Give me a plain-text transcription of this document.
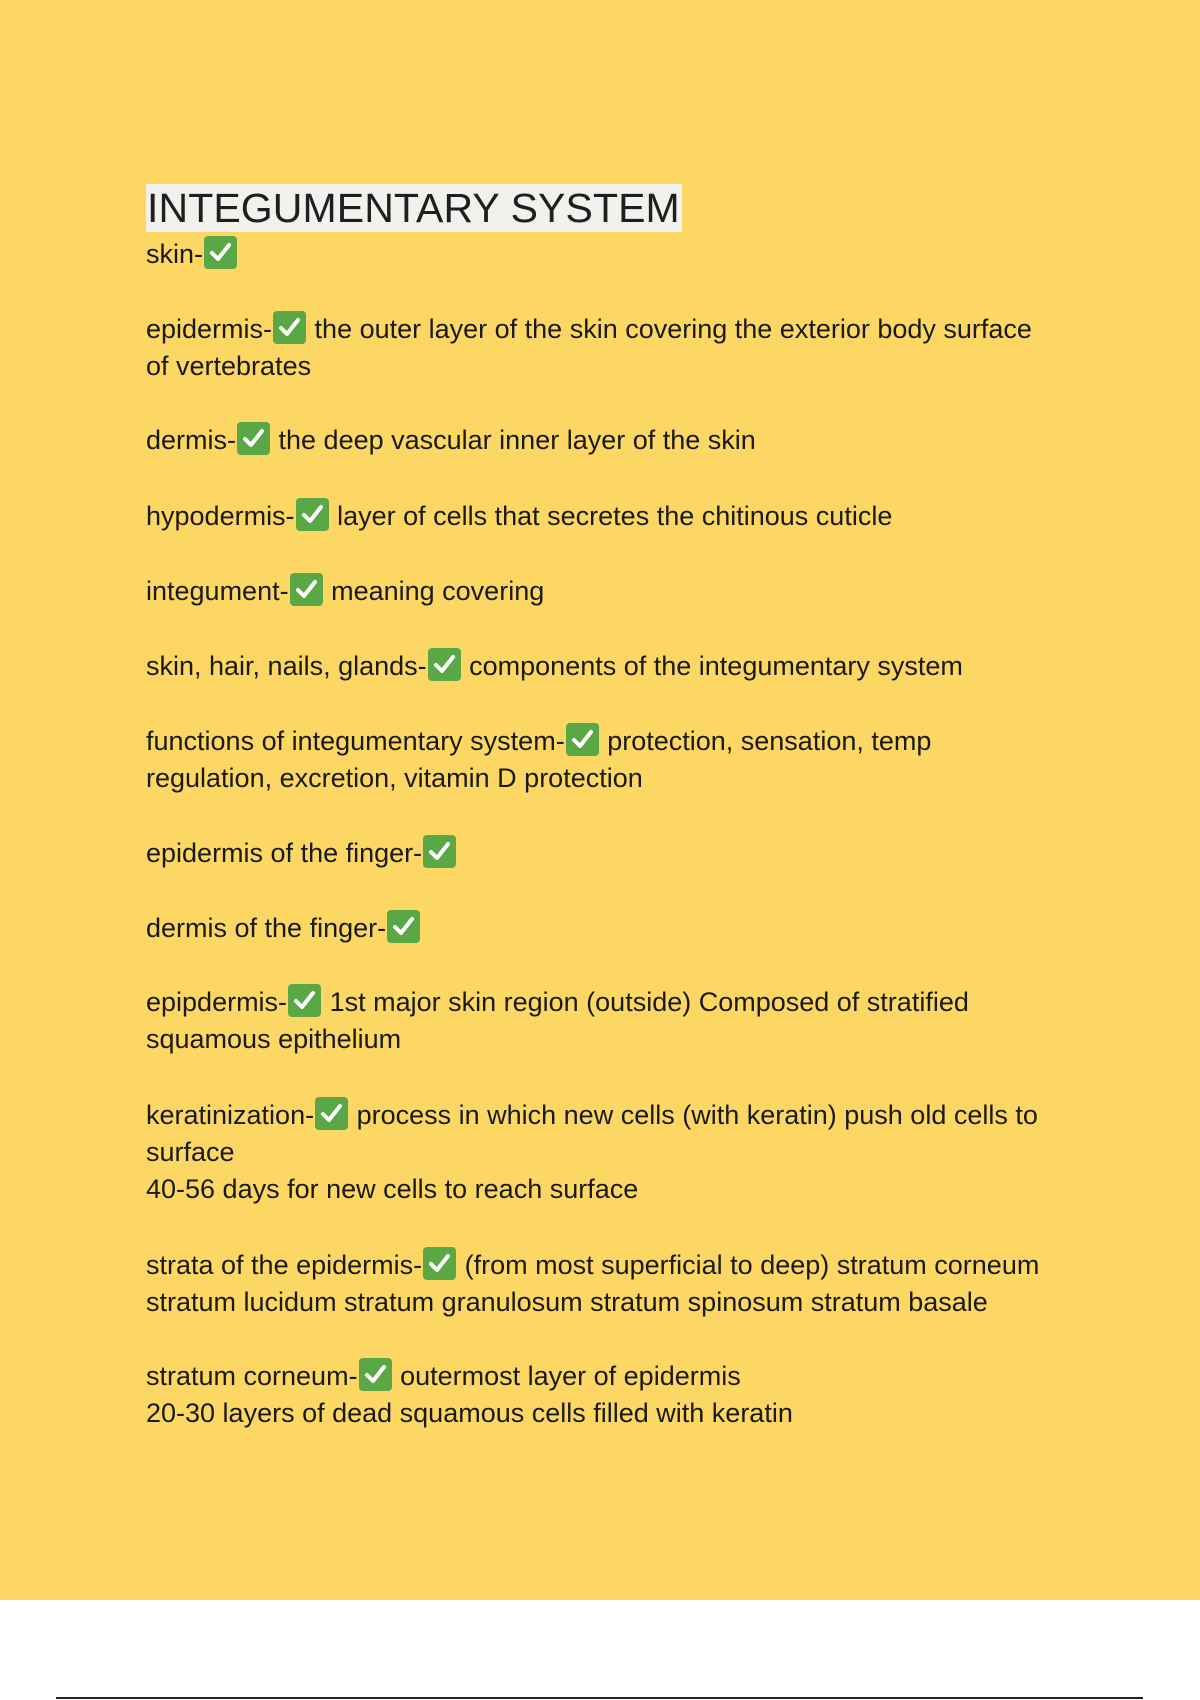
INTEGUMENTARY SYSTEM
skin-
epidermis-
the outer layer of the skin covering the exterior body surface
of vertebrates
dermis-
the deep vascular inner layer of the skin
hypodermis-
layer of cells that secretes the chitinous cuticle
integument-
meaning covering
skin, hair, nails, glands-
components of the integumentary system
functions of integumentary system-
protection, sensation, temp
regulation, excretion, vitamin D protection
epidermis of the finger-
dermis of the finger-
epipdermis-
1st major skin region (outside) Composed of stratified
squamous epithelium
keratinization-
process in which new cells (with keratin) push old cells to
surface
40-56 days for new cells to reach surface
strata of the epidermis-
(from most superficial to deep) stratum corneum
stratum lucidum stratum granulosum stratum spinosum stratum basale
stratum corneum-
outermost layer of epidermis
20-30 layers of dead squamous cells filled with keratin
